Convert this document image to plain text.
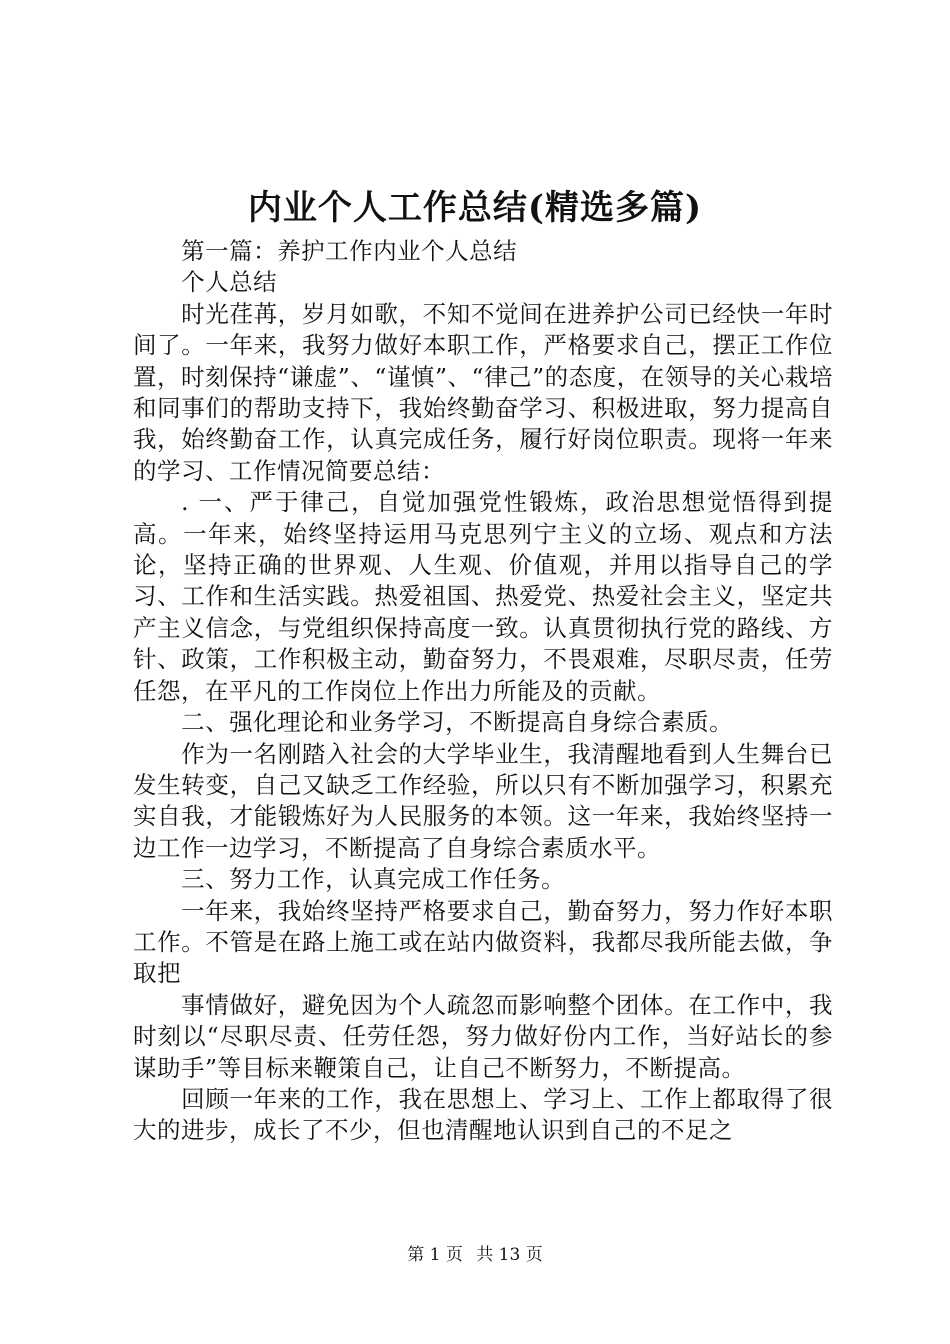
内业个人工作总结(精选多篇)

第一篇：养护工作内业个人总结

个人总结

时光荏苒，岁月如歌，不知不觉间在进养护公司已经快一年时间了。一年来，我努力做好本职工作，严格要求自己，摆正工作位置，时刻保持“谦虚”、“谨慎”、“律己”的态度，在领导的关心栽培和同事们的帮助支持下，我始终勤奋学习、积极进取，努力提高自我，始终勤奋工作，认真完成任务，履行好岗位职责。现将一年来的学习、工作情况简要总结：

. 一、严于律己，自觉加强党性锻炼，政治思想觉悟得到提高。一年来，始终坚持运用马克思列宁主义的立场、观点和方法论，坚持正确的世界观、人生观、价值观，并用以指导自己的学习、工作和生活实践。热爱祖国、热爱党、热爱社会主义，坚定共产主义信念，与党组织保持高度一致。认真贯彻执行党的路线、方针、政策，工作积极主动，勤奋努力，不畏艰难，尽职尽责，任劳任怨，在平凡的工作岗位上作出力所能及的贡献。

二、强化理论和业务学习，不断提高自身综合素质。

作为一名刚踏入社会的大学毕业生，我清醒地看到人生舞台已发生转变，自己又缺乏工作经验，所以只有不断加强学习，积累充实自我，才能锻炼好为人民服务的本领。这一年来，我始终坚持一边工作一边学习，不断提高了自身综合素质水平。

三、努力工作，认真完成工作任务。

一年来，我始终坚持严格要求自己，勤奋努力，努力作好本职工作。不管是在路上施工或在站内做资料，我都尽我所能去做，争取把

事情做好，避免因为个人疏忽而影响整个团体。在工作中，我时刻以“尽职尽责、任劳任怨，努力做好份内工作，当好站长的参谋助手”等目标来鞭策自己，让自己不断努力，不断提高。

回顾一年来的工作，我在思想上、学习上、工作上都取得了很大的进步，成长了不少，但也清醒地认识到自己的不足之

第 1 页 共 13 页
